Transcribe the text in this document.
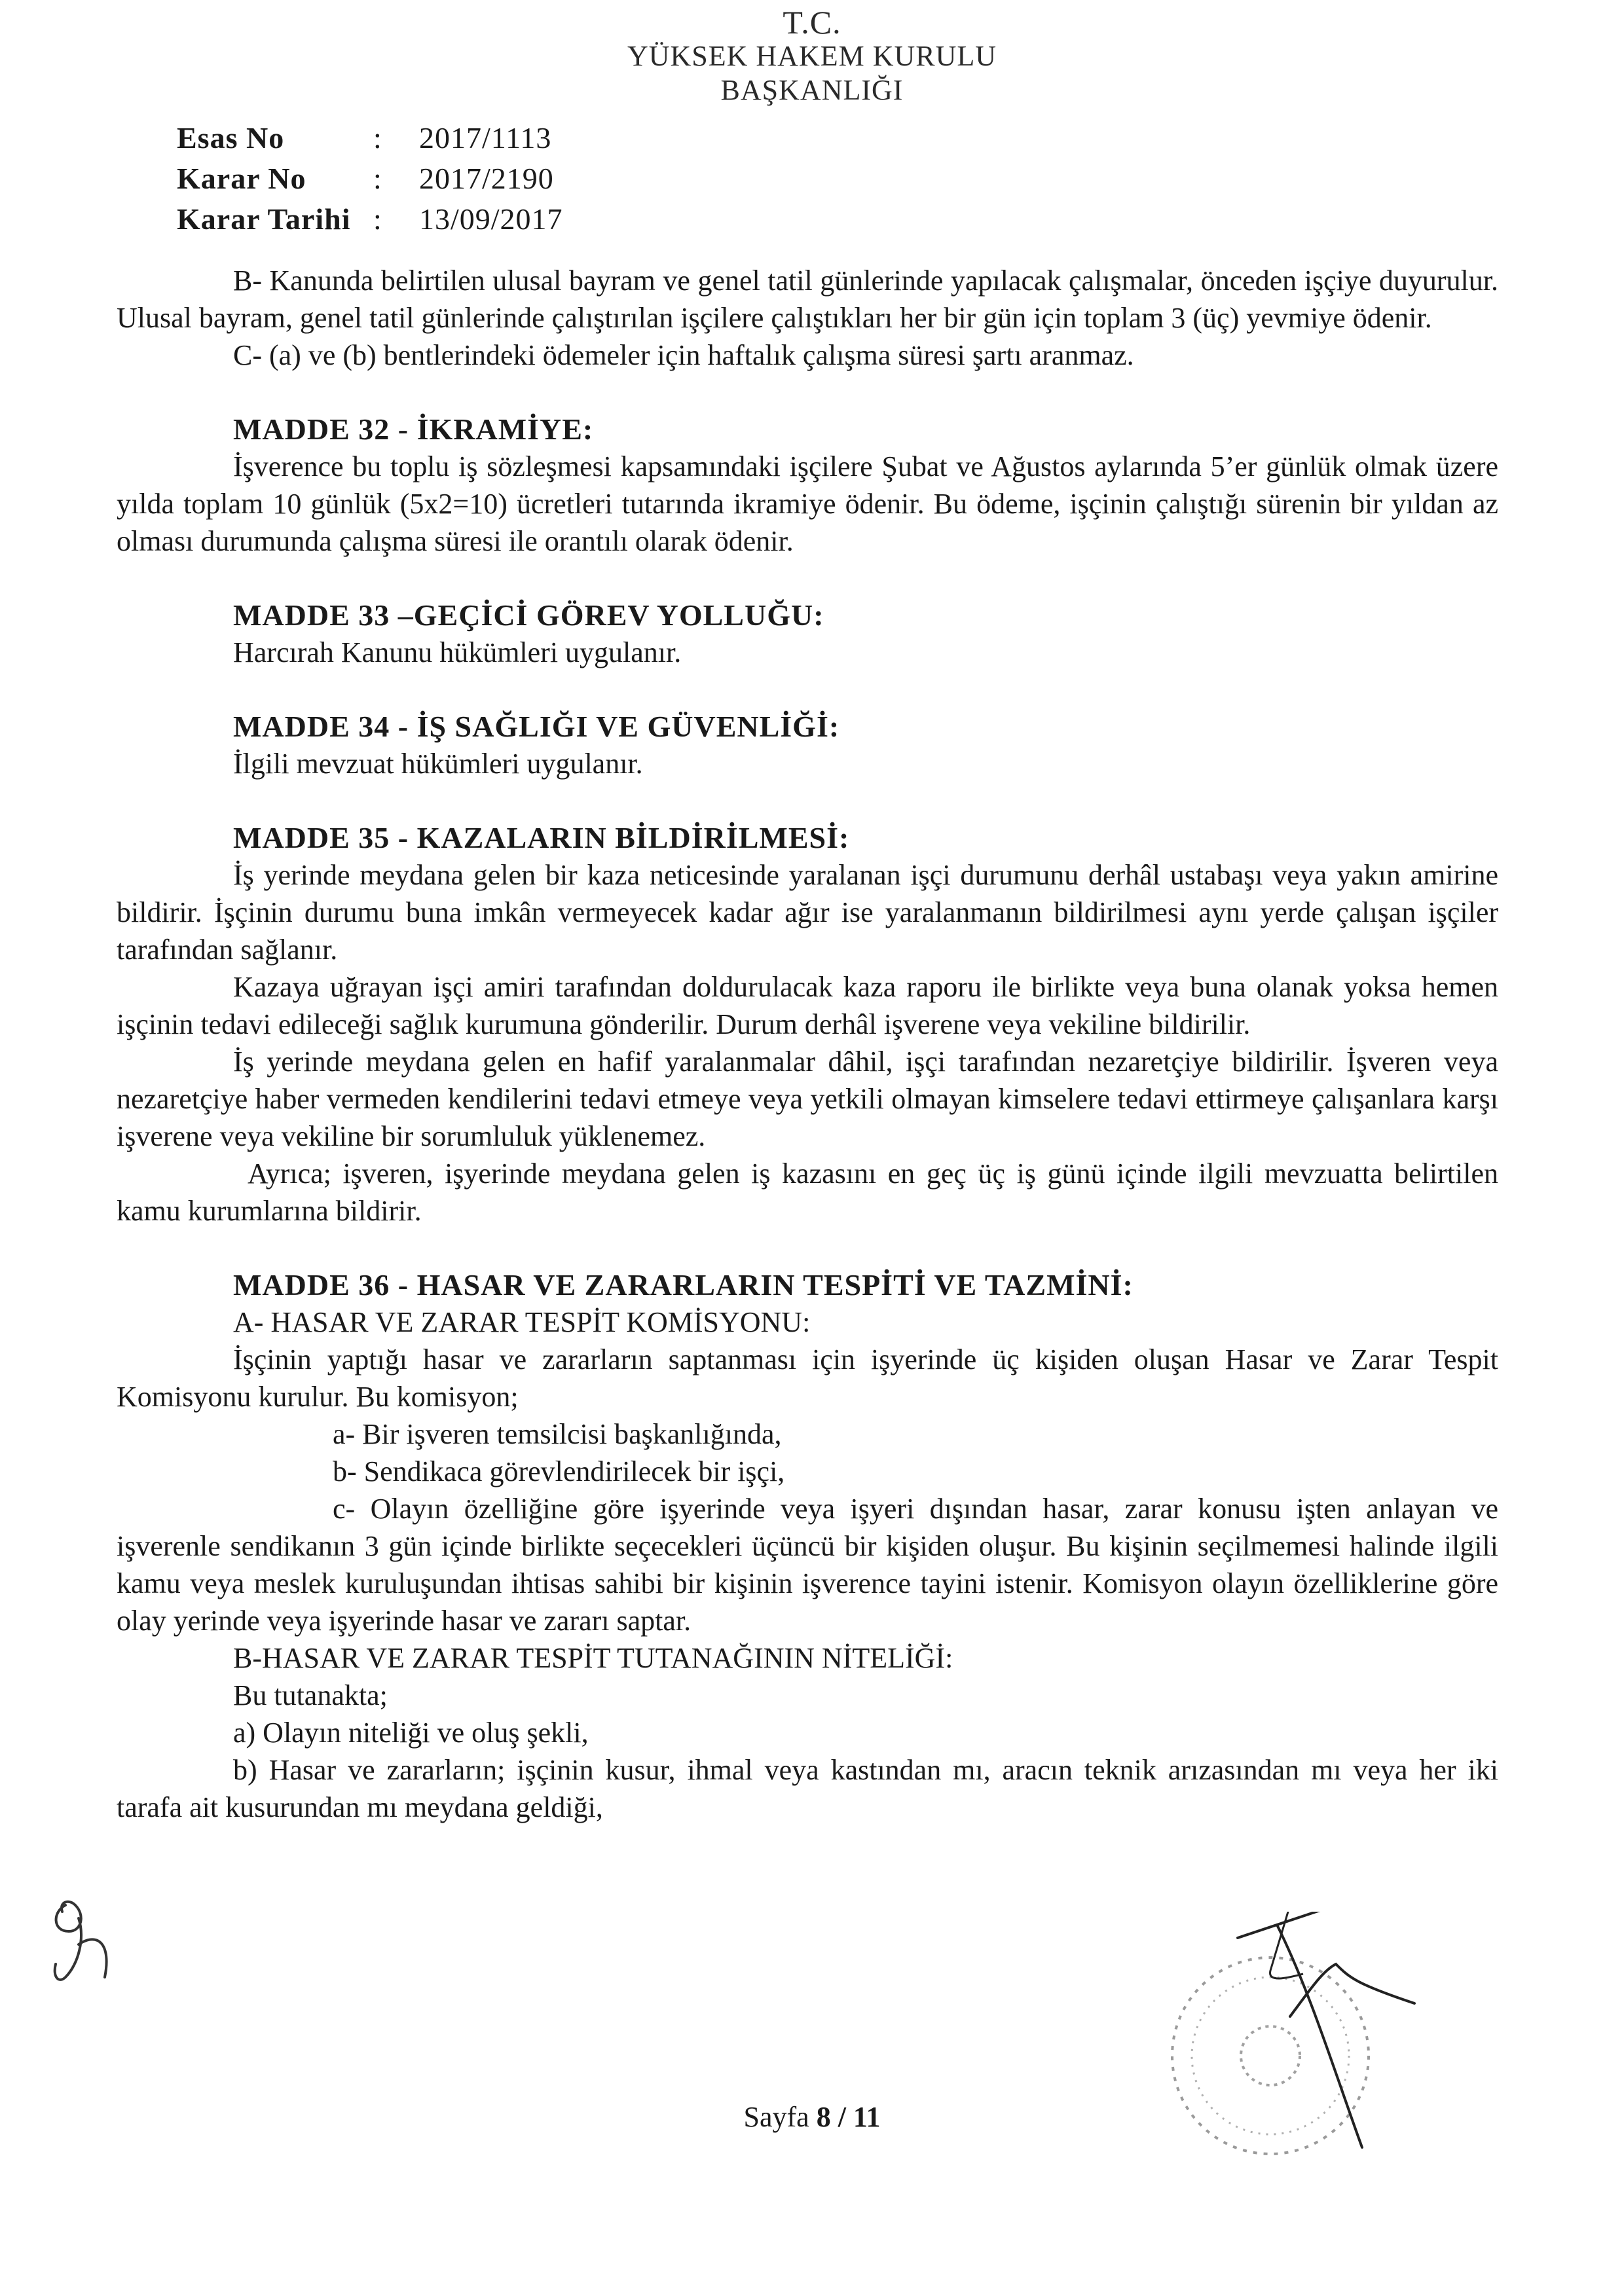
T.C.
YÜKSEK HAKEM KURULU
BAŞKANLIĞI
Esas No	:	2017/1113
Karar No	:	2017/2190
Karar Tarihi :	13/09/2017

B- Kanunda belirtilen ulusal bayram ve genel tatil günlerinde yapılacak çalışmalar, önceden işçiye duyurulur. Ulusal bayram, genel tatil günlerinde çalıştırılan işçilere çalıştıkları her bir gün için toplam 3 (üç) yevmiye ödenir.

C- (a) ve (b) bentlerindeki ödemeler için haftalık çalışma süresi şartı aranmaz.

MADDE 32 - İKRAMİYE:

İşverence bu toplu iş sözleşmesi kapsamındaki işçilere Şubat ve Ağustos aylarında 5’er günlük olmak üzere yılda toplam 10 günlük (5x2=10) ücretleri tutarında ikramiye ödenir. Bu ödeme, işçinin çalıştığı sürenin bir yıldan az olması durumunda çalışma süresi ile orantılı olarak ödenir.

MADDE 33 –GEÇİCİ GÖREV YOLLUĞU:

Harcırah Kanunu hükümleri uygulanır.

MADDE 34 - İŞ SAĞLIĞI VE GÜVENLİĞİ:

İlgili mevzuat hükümleri uygulanır.

MADDE 35 - KAZALARIN BİLDİRİLMESİ:

İş yerinde meydana gelen bir kaza neticesinde yaralanan işçi durumunu derhâl ustabaşı veya yakın amirine bildirir. İşçinin durumu buna imkân vermeyecek kadar ağır ise yaralanmanın bildirilmesi aynı yerde çalışan işçiler tarafından sağlanır.

Kazaya uğrayan işçi amiri tarafından doldurulacak kaza raporu ile birlikte veya buna olanak yoksa hemen işçinin tedavi edileceği sağlık kurumuna gönderilir. Durum derhâl işverene veya vekiline bildirilir.

İş yerinde meydana gelen en hafif yaralanmalar dâhil, işçi tarafından nezaretçiye bildirilir. İşveren veya nezaretçiye haber vermeden kendilerini tedavi etmeye veya yetkili olmayan kimselere tedavi ettirmeye çalışanlara karşı işverene veya vekiline bir sorumluluk yüklenemez.

Ayrıca; işveren, işyerinde meydana gelen iş kazasını en geç üç iş günü içinde ilgili mevzuatta belirtilen kamu kurumlarına bildirir.

MADDE 36 - HASAR VE ZARARLARIN TESPİTİ VE TAZMİNİ:

A- HASAR VE ZARAR TESPİT KOMİSYONU:

İşçinin yaptığı hasar ve zararların saptanması için işyerinde üç kişiden oluşan Hasar ve Zarar Tespit Komisyonu kurulur. Bu komisyon;

a- Bir işveren temsilcisi başkanlığında,

b- Sendikaca görevlendirilecek bir işçi,

c- Olayın özelliğine göre işyerinde veya işyeri dışından hasar, zarar konusu işten anlayan ve işverenle sendikanın 3 gün içinde birlikte seçecekleri üçüncü bir kişiden oluşur. Bu kişinin seçilmemesi halinde ilgili kamu veya meslek kuruluşundan ihtisas sahibi bir kişinin işverence tayini istenir. Komisyon olayın özelliklerine göre olay yerinde veya işyerinde hasar ve zararı saptar.

B-HASAR VE ZARAR TESPİT TUTANAĞININ NİTELİĞİ:

Bu tutanakta;

a) Olayın niteliği ve oluş şekli,

b) Hasar ve zararların; işçinin kusur, ihmal veya kastından mı, aracın teknik arızasından mı veya her iki tarafa ait kusurundan mı meydana geldiği,

Sayfa 8 / 11
